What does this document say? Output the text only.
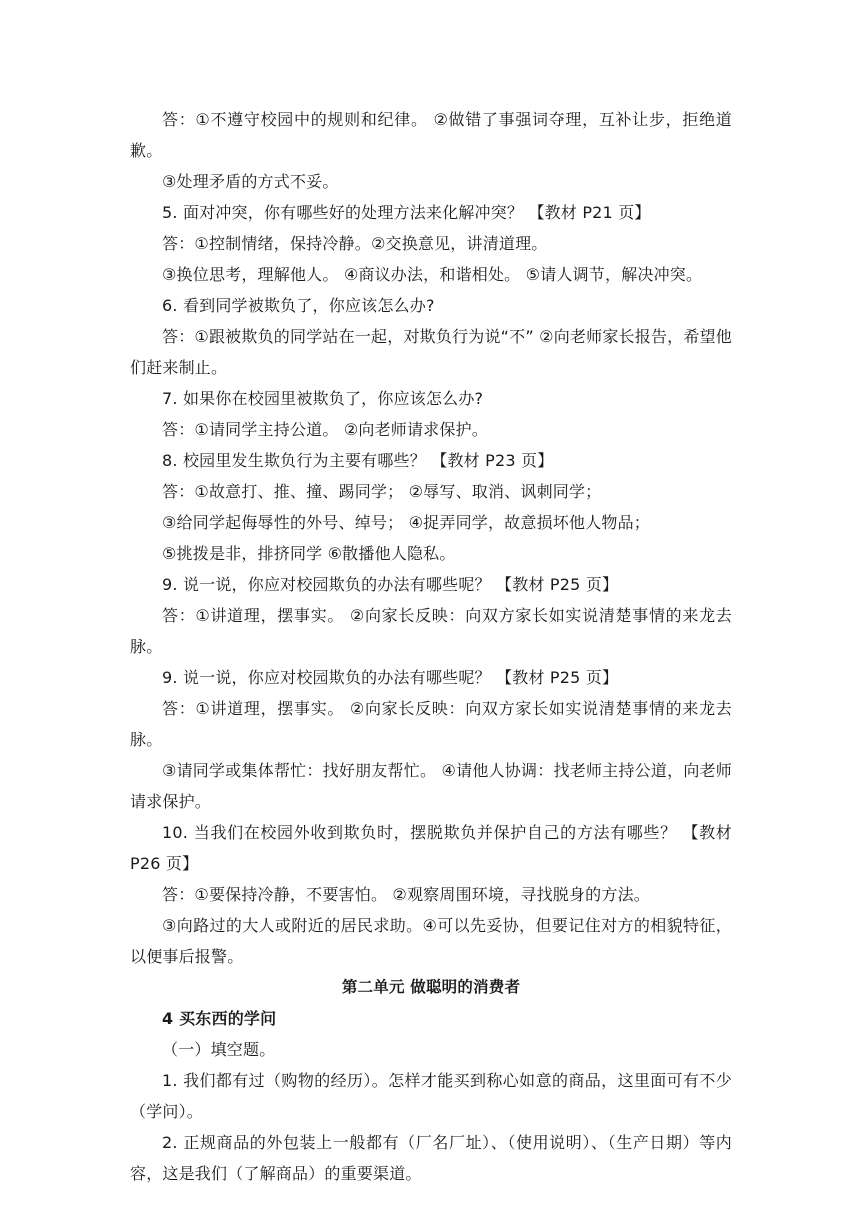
答：①不遵守校园中的规则和纪律。 ②做错了事强词夺理，互补让步，拒绝道歉。

③处理矛盾的方式不妥。

5. 面对冲突，你有哪些好的处理方法来化解冲突？ 【教材 P21 页】

答：①控制情绪，保持冷静。②交换意见，讲清道理。

③换位思考，理解他人。 ④商议办法，和谐相处。 ⑤请人调节，解决冲突。

6. 看到同学被欺负了，你应该怎么办?

答：①跟被欺负的同学站在一起，对欺负行为说“不” ②向老师家长报告，希望他们赶来制止。

7. 如果你在校园里被欺负了，你应该怎么办?

答：①请同学主持公道。 ②向老师请求保护。

8. 校园里发生欺负行为主要有哪些？ 【教材 P23 页】

答：①故意打、推、撞、踢同学； ②辱写、取消、讽刺同学；

③给同学起侮辱性的外号、绰号； ④捉弄同学，故意损坏他人物品；

⑤挑拨是非，排挤同学 ⑥散播他人隐私。

9. 说一说，你应对校园欺负的办法有哪些呢？ 【教材 P25 页】

答：①讲道理，摆事实。 ②向家长反映：向双方家长如实说清楚事情的来龙去脉。

9. 说一说，你应对校园欺负的办法有哪些呢？ 【教材 P25 页】

答：①讲道理，摆事实。 ②向家长反映：向双方家长如实说清楚事情的来龙去脉。

③请同学或集体帮忙：找好朋友帮忙。 ④请他人协调：找老师主持公道，向老师请求保护。

10. 当我们在校园外收到欺负时，摆脱欺负并保护自己的方法有哪些？ 【教材 P26 页】

答：①要保持冷静，不要害怕。 ②观察周围环境，寻找脱身的方法。

③向路过的大人或附近的居民求助。④可以先妥协，但要记住对方的相貌特征，以便事后报警。

第二单元 做聪明的消费者

4 买东西的学问

（一）填空题。

1. 我们都有过（购物的经历）。怎样才能买到称心如意的商品，这里面可有不少（学问）。

2. 正规商品的外包装上一般都有（厂名厂址）、（使用说明）、（生产日期）等内容，这是我们（了解商品）的重要渠道。
